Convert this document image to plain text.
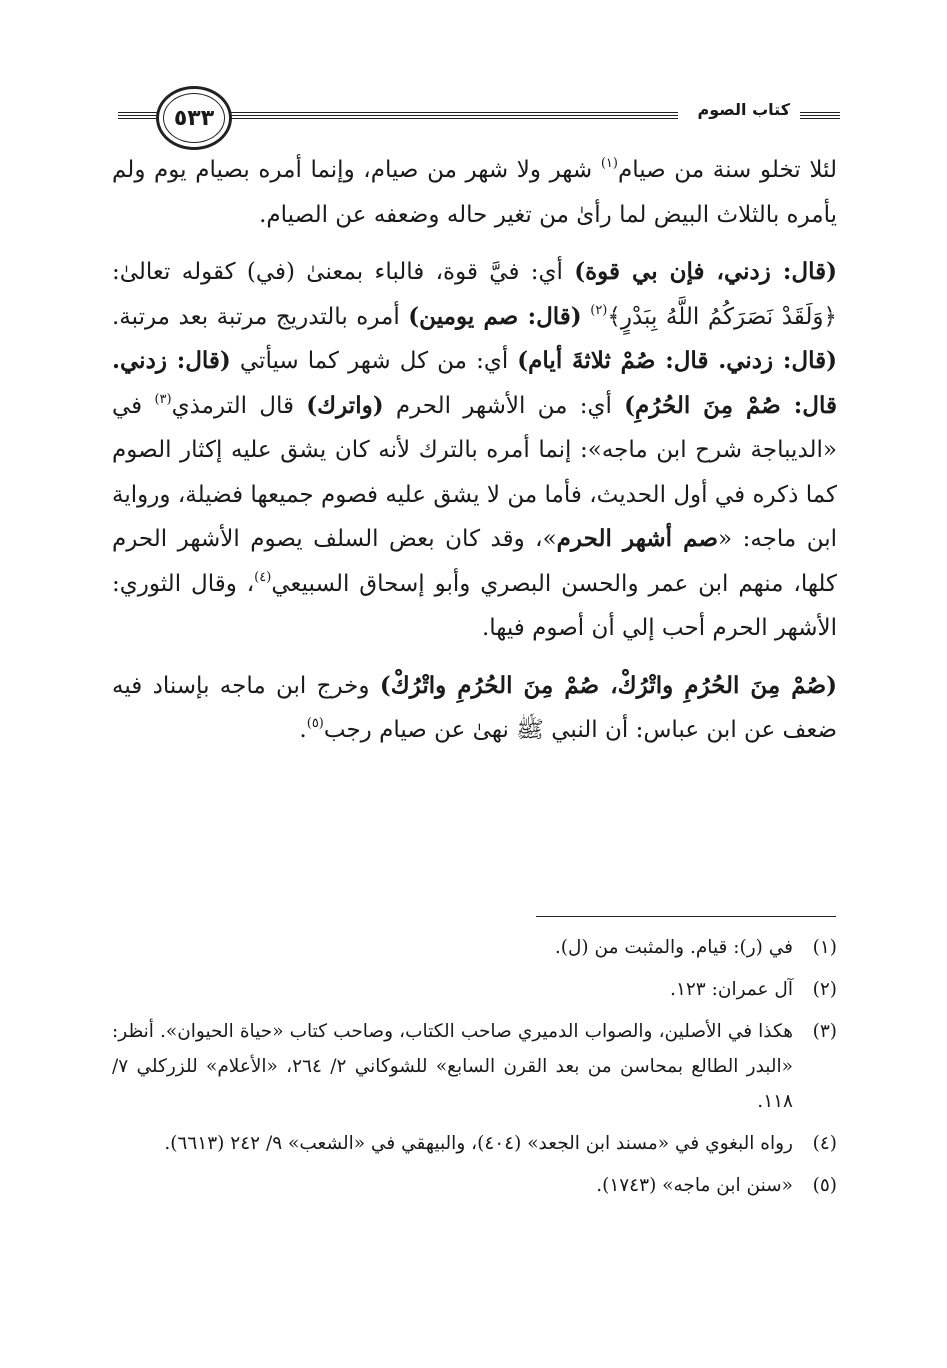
٥٣٣	كتاب الصوم

لئلا تخلو سنة من صيام$^{(١)}$ شهر ولا شهر من صيام، وإنما أمره بصيام يوم ولم يأمره بالثلاث البيض لما رأىٰ من تغير حاله وضعفه عن الصيام.

(قال: زدني، فإن بي قوة) أي: فيَّ قوة، فالباء بمعنىٰ (في) كقوله تعالىٰ: ﴿وَلَقَدْ نَصَرَكُمُ اللَّهُ بِبَدْرٍ﴾$^{(٢)}$ (قال: صم يومين) أمره بالتدريج مرتبة بعد مرتبة. (قال: زدني. قال: صُمْ ثلاثةَ أيام) أي: من كل شهر كما سيأتي (قال: زدني. قال: صُمْ مِنَ الحُرُمِ) أي: من الأشهر الحرم (واترك) قال الترمذي$^{(٣)}$ في «الديباجة شرح ابن ماجه»: إنما أمره بالترك لأنه كان يشق عليه إكثار الصوم كما ذكره في أول الحديث، فأما من لا يشق عليه فصوم جميعها فضيلة، ورواية ابن ماجه: «صم أشهر الحرم»، وقد كان بعض السلف يصوم الأشهر الحرم كلها، منهم ابن عمر والحسن البصري وأبو إسحاق السبيعي$^{(٤)}$، وقال الثوري: الأشهر الحرم أحب إلي أن أصوم فيها.

(صُمْ مِنَ الحُرُمِ واتْرُكْ، صُمْ مِنَ الحُرُمِ واتْرُكْ) وخرج ابن ماجه بإسناد فيه ضعف عن ابن عباس: أن النبي ﷺ نهىٰ عن صيام رجب$^{(٥)}$.

(١)
في (ر): قيام. والمثبت من (ل).
(٢)
آل عمران: ١٢٣.
(٣)
هكذا في الأصلين، والصواب الدميري صاحب الكتاب، وصاحب كتاب «حياة الحيوان». أنظر: «البدر الطالع بمحاسن من بعد القرن السابع» للشوكاني ٢/ ٢٦٤، «الأعلام» للزركلي ٧/ ١١٨.
(٤)
رواه البغوي في «مسند ابن الجعد» (٤٠٤)، والبيهقي في «الشعب» ٩/ ٢٤٢ (٦٦١٣).
(٥)
«سنن ابن ماجه» (١٧٤٣).
